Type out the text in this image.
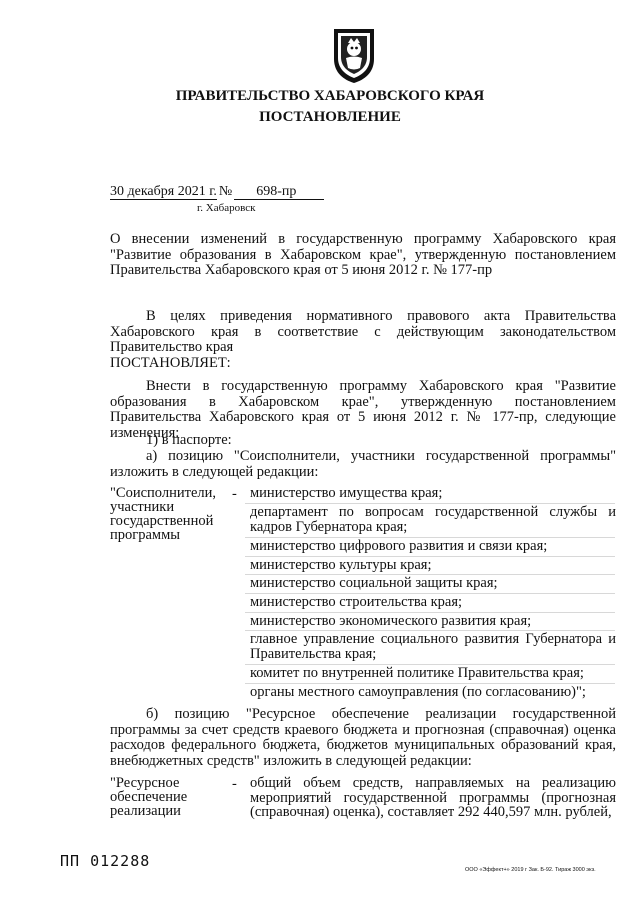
ПРАВИТЕЛЬСТВО ХАБАРОВСКОГО КРАЯ
ПОСТАНОВЛЕНИЕ
30 декабря 2021 г. № 698-пр
г. Хабаровск
О внесении изменений в государственную программу Хабаровского края "Развитие образования в Хабаровском крае", утвержденную постановлением Правительства Хабаровского края от 5 июня 2012 г. № 177-пр
В целях приведения нормативного правового акта Правительства Хабаровского края в соответствие с действующим законодательством Правительство края
ПОСТАНОВЛЯЕТ:
Внести в государственную программу Хабаровского края "Развитие образования в Хабаровском крае", утвержденную постановлением Правительства Хабаровского края от 5 июня 2012 г. № 177-пр, следующие изменения:
1) в паспорте:
а) позицию "Соисполнители, участники государственной программы" изложить в следующей редакции:
"Соисполнители, участники государственной программы
- министерство имущества края;
департамент по вопросам государственной службы и кадров Губернатора края;
министерство цифрового развития и связи края;
министерство культуры края;
министерство социальной защиты края;
министерство строительства края;
министерство экономического развития края;
главное управление социального развития Губернатора и Правительства края;
комитет по внутренней политике Правительства края;
органы местного самоуправления (по согласованию)";
б) позицию "Ресурсное обеспечение реализации государственной программы за счет средств краевого бюджета и прогнозная (справочная) оценка расходов федерального бюджета, бюджетов муниципальных образований края, внебюджетных средств" изложить в следующей редакции:
"Ресурсное обеспечение реализации
- общий объем средств, направляемых на реализацию мероприятий государственной программы (прогнозная (справочная) оценка), составляет 292 440,597 млн. рублей,
ПП 012288	ООО «Эффект+» 2019 г Зак. Б-92. Тираж 3000 экз.
